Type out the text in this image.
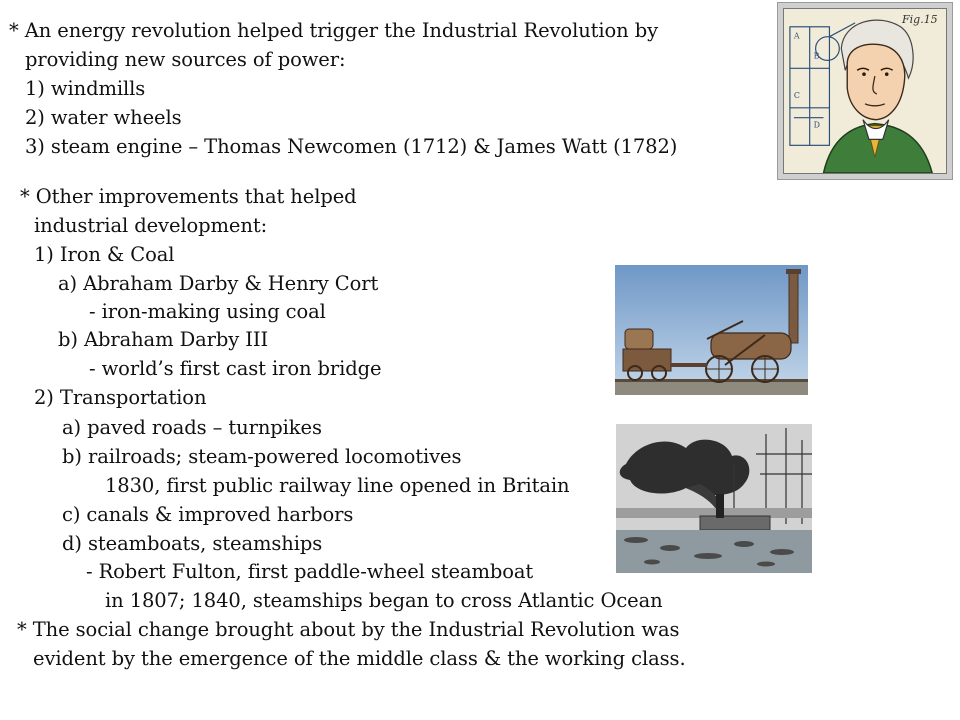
* An energy revolution helped trigger the Industrial Revolution by
providing new sources of power:
1) windmills
2) water wheels
3) steam engine – Thomas Newcomen (1712) & James Watt (1782)
* Other improvements that helped
industrial development:
1) Iron & Coal
a) Abraham Darby & Henry Cort
- iron-making using coal
b) Abraham Darby III
- world’s first cast iron bridge
2) Transportation
a) paved roads – turnpikes
b) railroads; steam-powered locomotives
1830, first public railway line opened in Britain
c) canals & improved harbors
d) steamboats, steamships
- Robert Fulton, first paddle-wheel steamboat
in 1807; 1840, steamships began to cross Atlantic Ocean
* The social change brought about by the Industrial Revolution was
evident by the emergence of the middle class & the working class.
A
B
C
D
Fig.15
